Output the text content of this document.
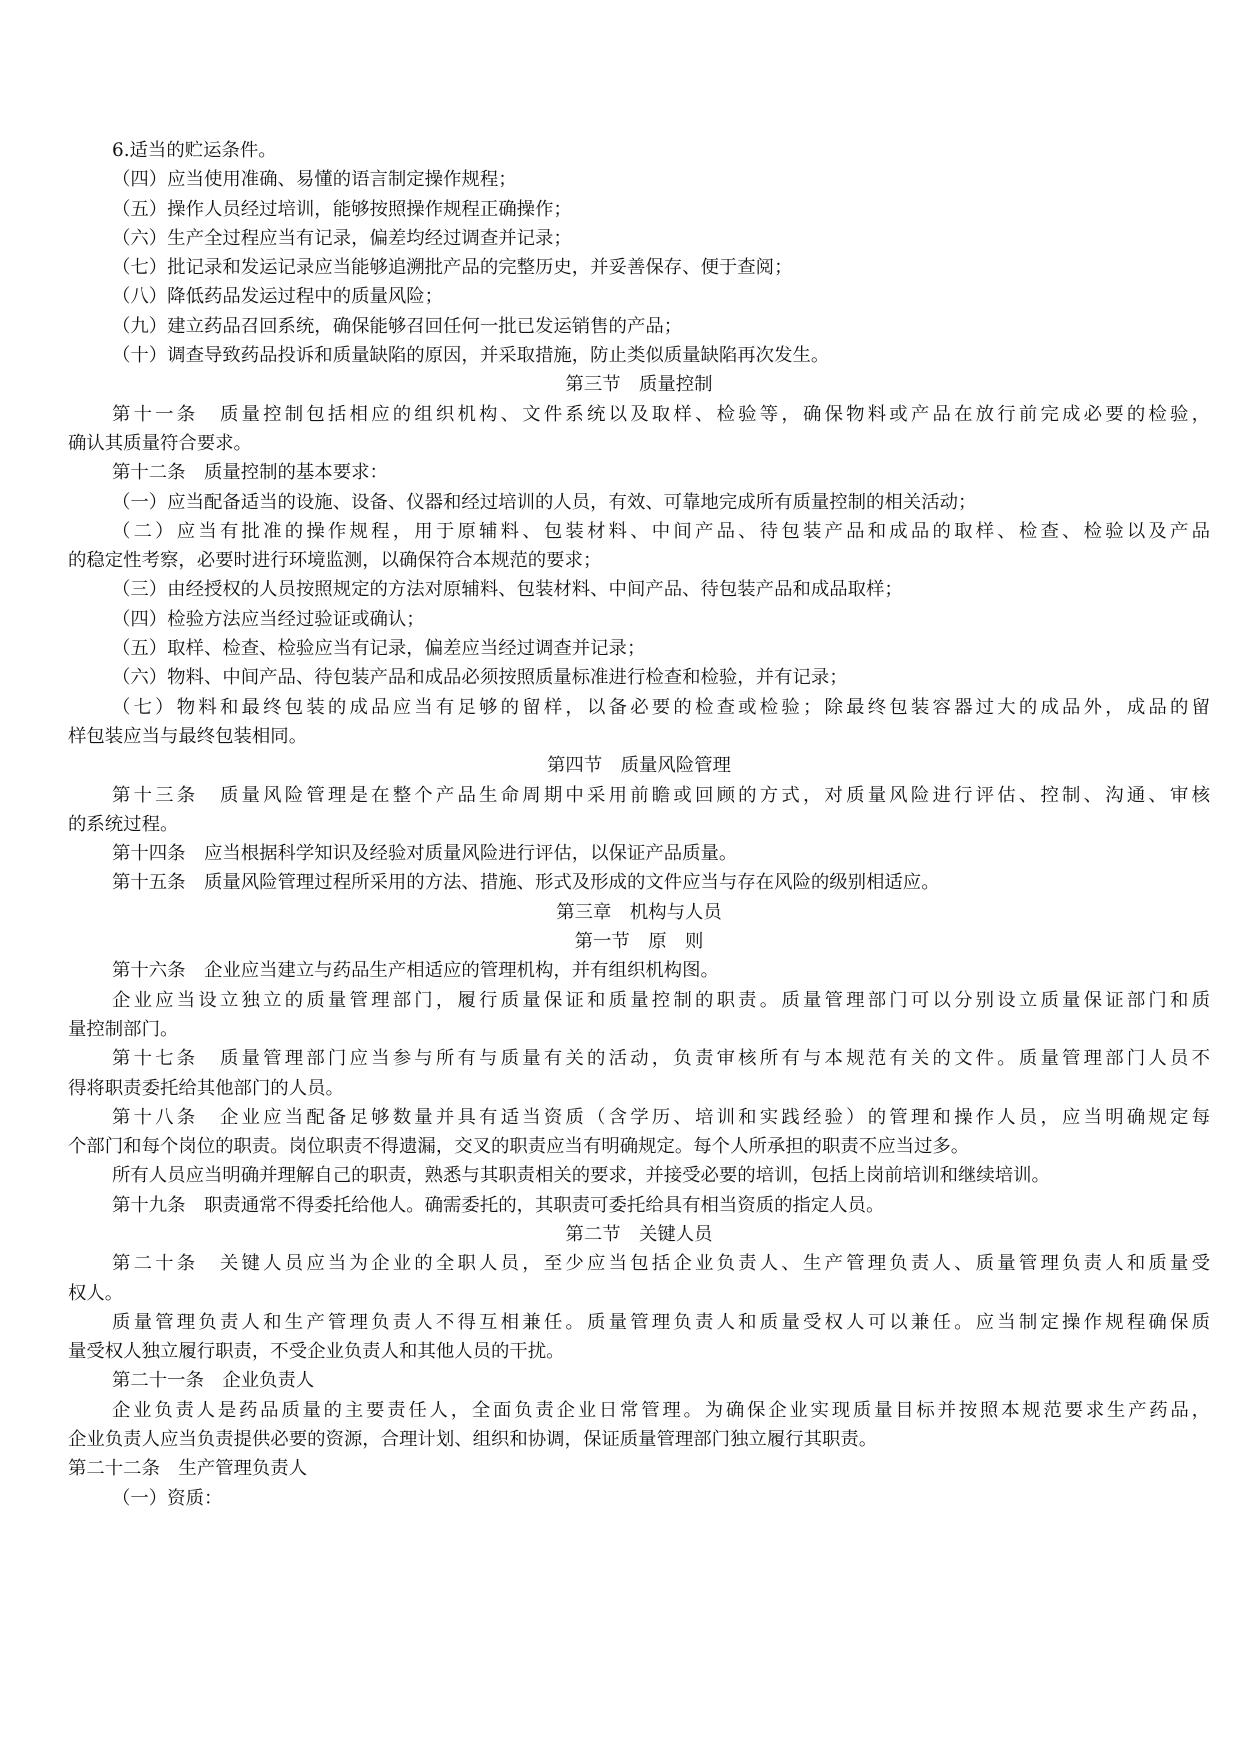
6.适当的贮运条件。

（四）应当使用准确、易懂的语言制定操作规程；

（五）操作人员经过培训，能够按照操作规程正确操作；

（六）生产全过程应当有记录，偏差均经过调查并记录；

（七）批记录和发运记录应当能够追溯批产品的完整历史，并妥善保存、便于查阅；

（八）降低药品发运过程中的质量风险；

（九）建立药品召回系统，确保能够召回任何一批已发运销售的产品；

（十）调查导致药品投诉和质量缺陷的原因，并采取措施，防止类似质量缺陷再次发生。

第三节　质量控制

第十一条　质量控制包括相应的组织机构、文件系统以及取样、检验等，确保物料或产品在放行前完成必要的检验，

确认其质量符合要求。

第十二条　质量控制的基本要求：

（一）应当配备适当的设施、设备、仪器和经过培训的人员，有效、可靠地完成所有质量控制的相关活动；

（二）应当有批准的操作规程，用于原辅料、包装材料、中间产品、待包装产品和成品的取样、检查、检验以及产品

的稳定性考察，必要时进行环境监测，以确保符合本规范的要求；

（三）由经授权的人员按照规定的方法对原辅料、包装材料、中间产品、待包装产品和成品取样；

（四）检验方法应当经过验证或确认；

（五）取样、检查、检验应当有记录，偏差应当经过调查并记录；

（六）物料、中间产品、待包装产品和成品必须按照质量标准进行检查和检验，并有记录；

（七）物料和最终包装的成品应当有足够的留样，以备必要的检查或检验；除最终包装容器过大的成品外，成品的留

样包装应当与最终包装相同。

第四节　质量风险管理

第十三条　质量风险管理是在整个产品生命周期中采用前瞻或回顾的方式，对质量风险进行评估、控制、沟通、审核

的系统过程。

第十四条　应当根据科学知识及经验对质量风险进行评估，以保证产品质量。

第十五条　质量风险管理过程所采用的方法、措施、形式及形成的文件应当与存在风险的级别相适应。

第三章　机构与人员

第一节　原　则

第十六条　企业应当建立与药品生产相适应的管理机构，并有组织机构图。

企业应当设立独立的质量管理部门，履行质量保证和质量控制的职责。质量管理部门可以分别设立质量保证部门和质

量控制部门。

第十七条　质量管理部门应当参与所有与质量有关的活动，负责审核所有与本规范有关的文件。质量管理部门人员不

得将职责委托给其他部门的人员。

第十八条　企业应当配备足够数量并具有适当资质（含学历、培训和实践经验）的管理和操作人员，应当明确规定每

个部门和每个岗位的职责。岗位职责不得遗漏，交叉的职责应当有明确规定。每个人所承担的职责不应当过多。

所有人员应当明确并理解自己的职责，熟悉与其职责相关的要求，并接受必要的培训，包括上岗前培训和继续培训。

第十九条　职责通常不得委托给他人。确需委托的，其职责可委托给具有相当资质的指定人员。

第二节　关键人员

第二十条　关键人员应当为企业的全职人员，至少应当包括企业负责人、生产管理负责人、质量管理负责人和质量受

权人。

质量管理负责人和生产管理负责人不得互相兼任。质量管理负责人和质量受权人可以兼任。应当制定操作规程确保质

量受权人独立履行职责，不受企业负责人和其他人员的干扰。

第二十一条　企业负责人

企业负责人是药品质量的主要责任人，全面负责企业日常管理。为确保企业实现质量目标并按照本规范要求生产药品，

企业负责人应当负责提供必要的资源，合理计划、组织和协调，保证质量管理部门独立履行其职责。

第二十二条　生产管理负责人

（一）资质：
